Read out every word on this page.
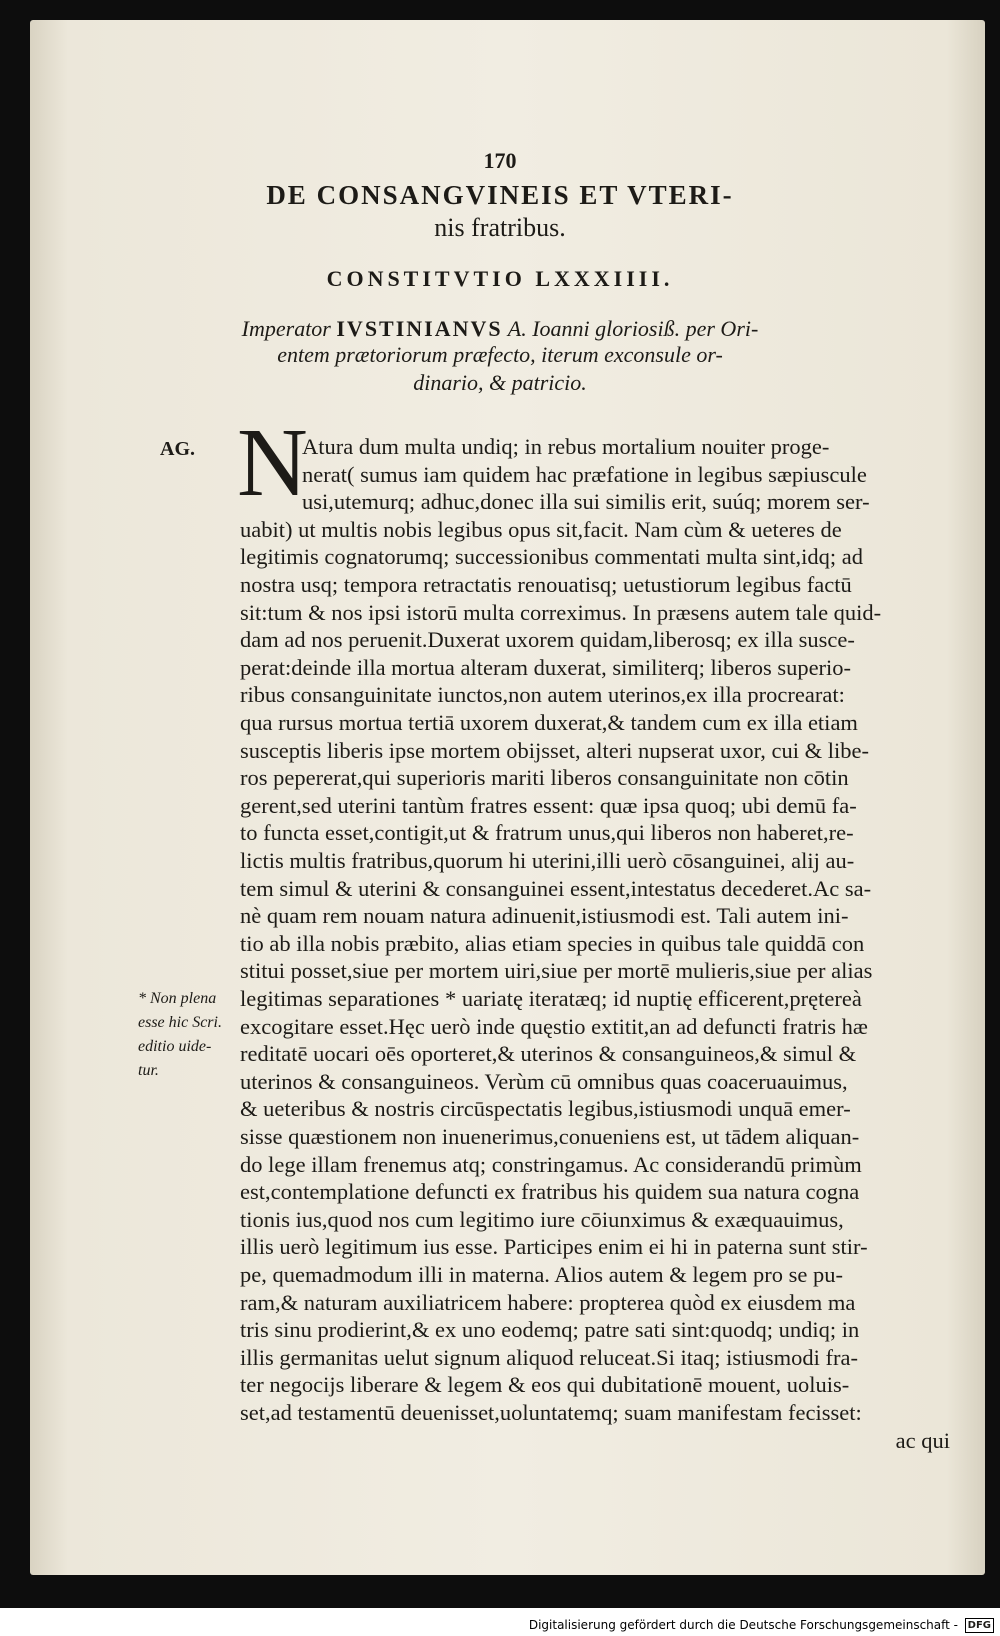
170
DE CONSANGVINEIS ET VTERI-
nis fratribus.
CONSTITVTIO LXXXIIII.
Imperator IVSTINIANVS A. Ioanni gloriosiß. per Ori-
entem prætoriorum præfecto, iterum exconsule or-
dinario, & patricio.
AG.
* Non plena
esse hic Scri.
editio uide-
tur.
N
Atura dum multa undiq; in rebus mortalium nouiter proge-
nerat( sumus iam quidem hac præfatione in legibus sæpiuscule
usi,utemurq; adhuc,donec illa sui similis erit, suúq; morem ser-
uabit) ut multis nobis legibus opus sit,facit. Nam cùm & ueteres de
legitimis cognatorumq; successionibus commentati multa sint,idq; ad
nostra usq; tempora retractatis renouatisq; uetustiorum legibus factū
sit:tum & nos ipsi istorū multa correximus. In præsens autem tale quid-
dam ad nos peruenit.Duxerat uxorem quidam,liberosq; ex illa susce-
perat:deinde illa mortua alteram duxerat, similiterq; liberos superio-
ribus consanguinitate iunctos,non autem uterinos,ex illa procrearat:
qua rursus mortua tertiā uxorem duxerat,& tandem cum ex illa etiam
susceptis liberis ipse mortem obijsset, alteri nupserat uxor, cui & libe-
ros pepererat,qui superioris mariti liberos consanguinitate non cōtin
gerent,sed uterini tantùm fratres essent: quæ ipsa quoq; ubi demū fa-
to functa esset,contigit,ut & fratrum unus,qui liberos non haberet,re-
lictis multis fratribus,quorum hi uterini,illi uerò cōsanguinei, alij au-
tem simul & uterini & consanguinei essent,intestatus decederet.Ac sa-
nè quam rem nouam natura adinuenit,istiusmodi est. Tali autem ini-
tio ab illa nobis præbito, alias etiam species in quibus tale quiddā con
stitui posset,siue per mortem uiri,siue per mortē mulieris,siue per alias
legitimas separationes * uariatę iteratæq; id nuptię efficerent,prętereà
excogitare esset.Hęc uerò inde quęstio extitit,an ad defuncti fratris hæ
reditatē uocari oēs oporteret,& uterinos & consanguineos,& simul &
uterinos & consanguineos. Verùm cū omnibus quas coaceruauimus,
& ueteribus & nostris circūspectatis legibus,istiusmodi unquā emer-
sisse quæstionem non inuenerimus,conueniens est, ut tādem aliquan-
do lege illam frenemus atq; constringamus. Ac considerandū primùm
est,contemplatione defuncti ex fratribus his quidem sua natura cogna
tionis ius,quod nos cum legitimo iure cōiunximus & exæquauimus,
illis uerò legitimum ius esse. Participes enim ei hi in paterna sunt stir-
pe, quemadmodum illi in materna. Alios autem & legem pro se pu-
ram,& naturam auxiliatricem habere: propterea quòd ex eiusdem ma
tris sinu prodierint,& ex uno eodemq; patre sati sint:quodq; undiq; in
illis germanitas uelut signum aliquod reluceat.Si itaq; istiusmodi fra-
ter negocijs liberare & legem & eos qui dubitationē mouent, uoluis-
set,ad testamentū deuenisset,uoluntatemq; suam manifestam fecisset:
ac qui
Digitalisierung gefördert durch die Deutsche Forschungsgemeinschaft - DFG
